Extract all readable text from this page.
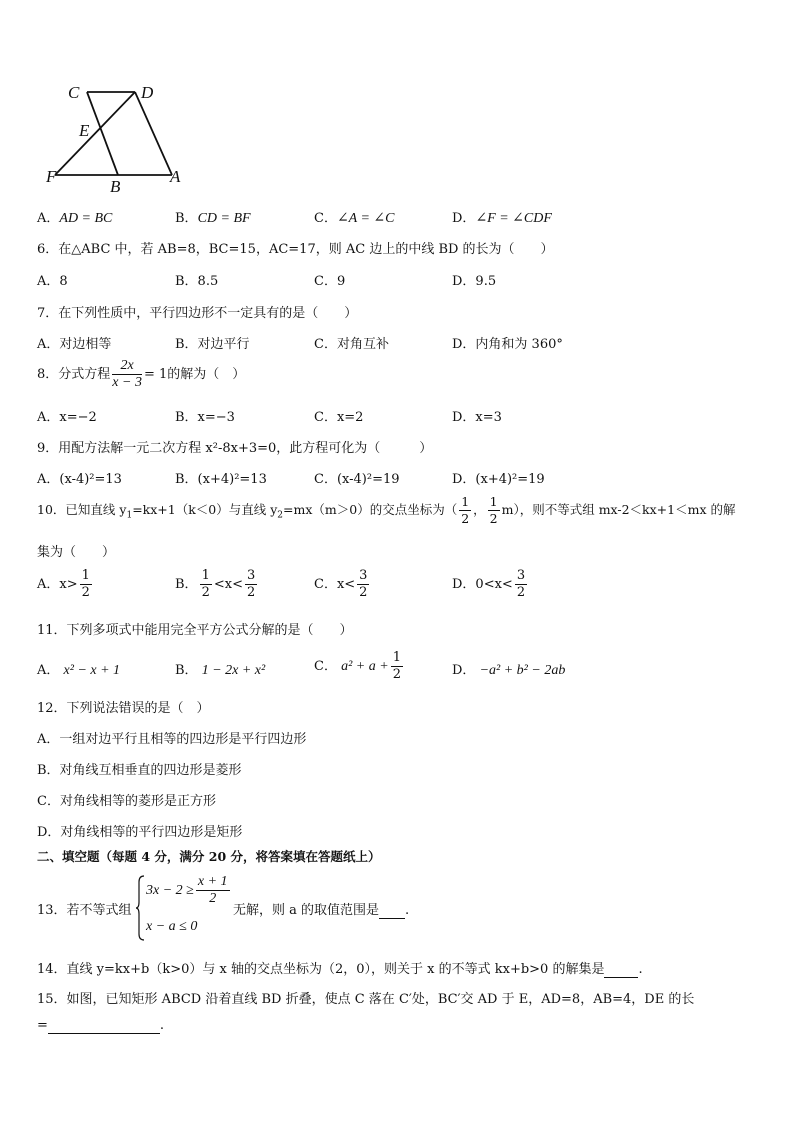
C	D
E
F
B
A
A．AD = BC	B．CD = BF	C．∠A = ∠C	D．∠F = ∠CDF
6．在△ABC 中，若 AB=8，BC=15，AC=17，则 AC 边上的中线 BD 的长为（　　）
A．8	B．8.5	C．9	D．9.5
7．在下列性质中，平行四边形不一定具有的是（　　）
A．对边相等	B．对边平行	C．对角互补	D．内角和为 360°
8．分式方程 $\frac{2x}{x - 3} = 1$的解为（　）
A．x=−2	B．x=−3	C．x=2	D．x=3
9．用配方法解一元二次方程 x²-8x+3=0，此方程可化为（　　　）
A．(x-4)²=13	B．(x+4)²=13	C．(x-4)²=19	D．(x+4)²=19
10．已知直线 $y_1=kx+1(k<0)$与直线 $y_2=mx(m>0)$的交点坐标为（ $\frac{1}{2}$ ， $\frac{1}{2} m$），则不等式组 mx-2＜kx+1＜mx 的解
集为（　　）
A．$x> \frac{1}{2}$	B． $\frac{1}{2} <x< \frac{3}{2}$	C．$x< \frac{3}{2}$	D．$0<x< \frac{3}{2}$
11．下列多项式中能用完全平方公式分解的是（　　）
A． x² − x + 1	B． 1 − 2x + x²	C． $a^2 + a + \frac{1}{2}$	D． −a² + b² − 2ab
12．下列说法错误的是（　）
A．一组对边平行且相等的四边形是平行四边形
B．对角线互相垂直的四边形是菱形
C．对角线相等的菱形是正方形
D．对角线相等的平行四边形是矩形
二、填空题（每题 4 分，满分 20 分，将答案填在答题纸上）
13．若不等式组
$3x - 2 \ge \frac{x + 1}{2}$
x − a ≤ 0
无解，则 a 的取值范围是 .
14．直线 y=kx+b（k>0）与 x 轴的交点坐标为（2，0），则关于 x 的不等式 kx+b>0 的解集是	.
15．如图，已知矩形 ABCD 沿着直线 BD 折叠，使点 C 落在 C′处，BC′交 AD 于 E，AD=8，AB=4，DE 的长
=	.
